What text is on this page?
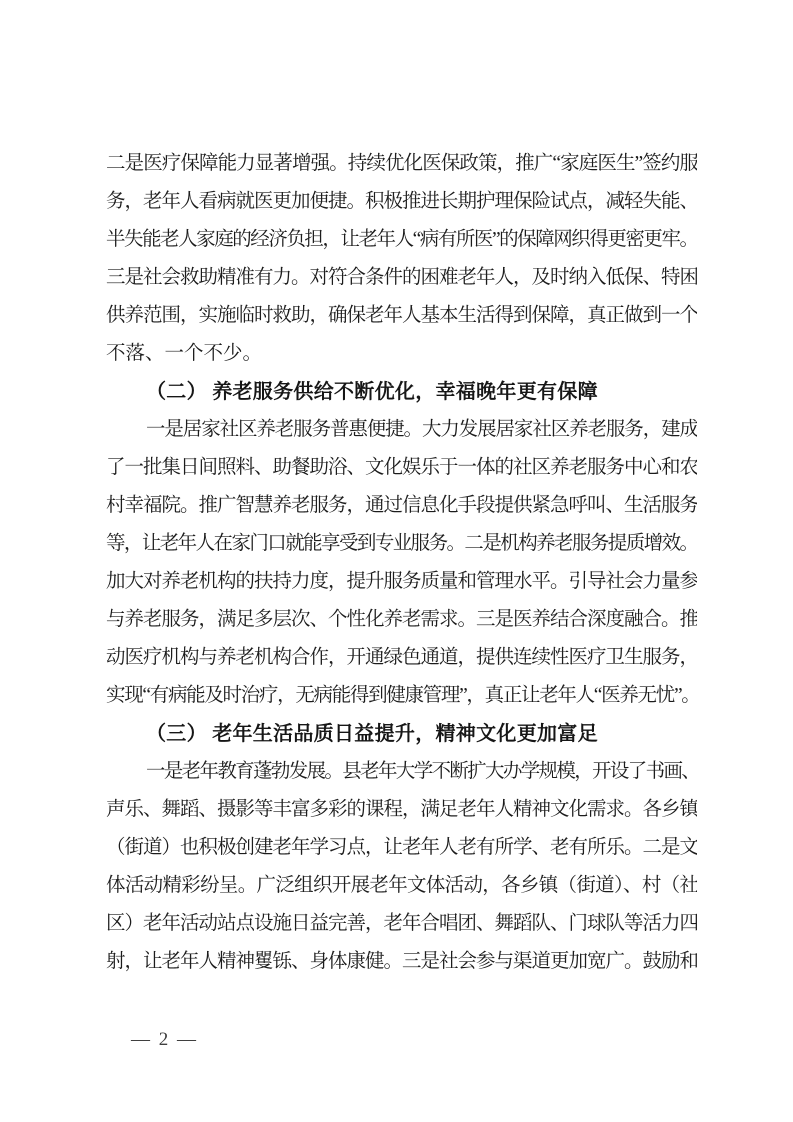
二是医疗保障能力显著增强。持续优化医保政策，推广“家庭医生”签约服
务，老年人看病就医更加便捷。积极推进长期护理保险试点，减轻失能、
半失能老人家庭的经济负担，让老年人“病有所医”的保障网织得更密更牢。
三是社会救助精准有力。对符合条件的困难老年人，及时纳入低保、特困
供养范围，实施临时救助，确保老年人基本生活得到保障，真正做到一个
不落、一个不少。
（二） 养老服务供给不断优化，幸福晚年更有保障
一是居家社区养老服务普惠便捷。大力发展居家社区养老服务，建成
了一批集日间照料、助餐助浴、文化娱乐于一体的社区养老服务中心和农
村幸福院。推广智慧养老服务，通过信息化手段提供紧急呼叫、生活服务
等，让老年人在家门口就能享受到专业服务。二是机构养老服务提质增效。
加大对养老机构的扶持力度，提升服务质量和管理水平。引导社会力量参
与养老服务，满足多层次、个性化养老需求。三是医养结合深度融合。推
动医疗机构与养老机构合作，开通绿色通道，提供连续性医疗卫生服务，
实现“有病能及时治疗，无病能得到健康管理”，真正让老年人“医养无忧”。
（三） 老年生活品质日益提升，精神文化更加富足
一是老年教育蓬勃发展。县老年大学不断扩大办学规模，开设了书画、
声乐、舞蹈、摄影等丰富多彩的课程，满足老年人精神文化需求。各乡镇
（街道）也积极创建老年学习点，让老年人老有所学、老有所乐。二是文
体活动精彩纷呈。广泛组织开展老年文体活动，各乡镇（街道）、村（社
区）老年活动站点设施日益完善，老年合唱团、舞蹈队、门球队等活力四
射，让老年人精神矍铄、身体康健。三是社会参与渠道更加宽广。鼓励和
— 2 —
